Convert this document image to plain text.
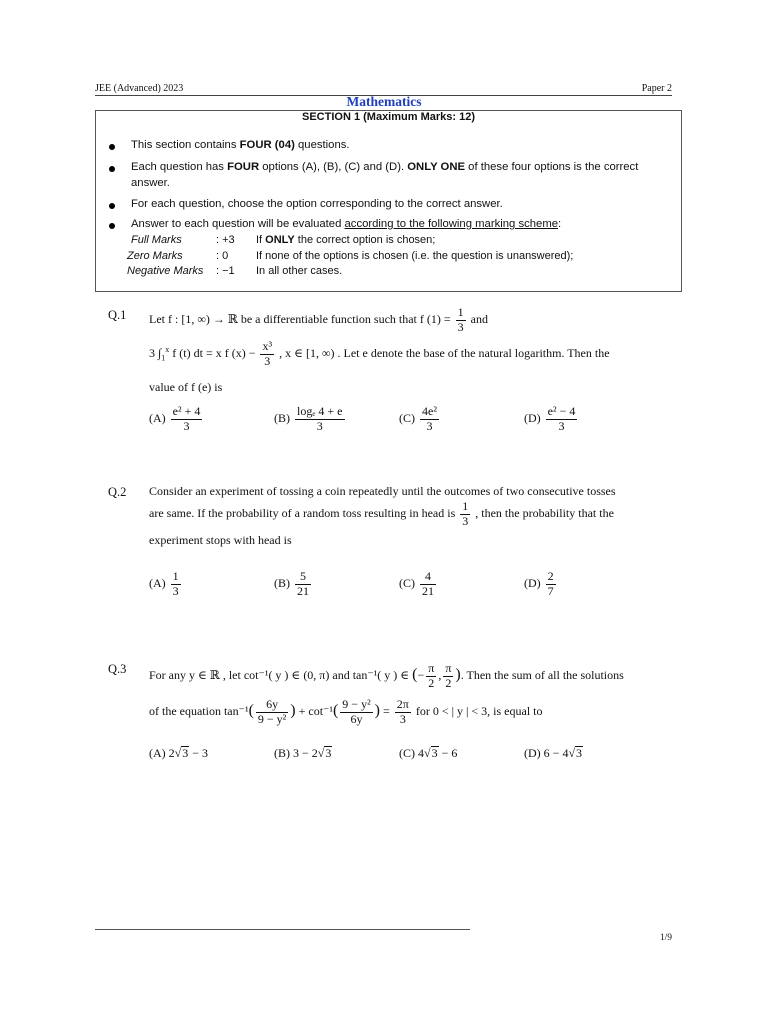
JEE (Advanced) 2023	Paper 2
Mathematics
SECTION 1 (Maximum Marks: 12)
This section contains FOUR (04) questions.
Each question has FOUR options (A), (B), (C) and (D). ONLY ONE of these four options is the correct answer.
For each question, choose the option corresponding to the correct answer.
Answer to each question will be evaluated according to the following marking scheme:
Full Marks	: +3 If ONLY the correct option is chosen;
Zero Marks	: 0	If none of the options is chosen (i.e. the question is unanswered);
Negative Marks : −1 In all other cases.
Q.1 Let f : [1, ∞) → ℝ be a differentiable function such that f $(1) = \frac{1}{3}$ and
3 $\int_1^x$ f (t) dt = x f $(x) - \frac{\text{x³}}{3}$ , x ∈ [1, ∞) . Let e denote the base of the natural logarithm. Then the
value of f (e) is
$(A) \frac{\text{e² + 4}}{3}$	$(B) \frac{\text{logₑ 4 + e}}{3}$	$(C) \frac{\text{4e²}}{3}$	$(D) \frac{\text{e² − 4}}{3}$
Q.2 Consider an experiment of tossing a coin repeatedly until the outcomes of two consecutive tosses
are same. If the probability of a random toss resulting in head is $\frac{1}{3}$ , then the probability that the
experiment stops with head is
$(A) \frac{1}{3}$	$(B) \frac{5}{21}$	$(C) \frac{4}{21}$	$(D) \frac{2}{7}$
Q.3 For any y ∈ ℝ , let cot⁻¹( y ) ∈ (0, π) and tan⁻¹( y ) ∈ (− $\frac{\pi}{2}$ , $\frac{\pi}{2}$ ). Then the sum of all the solutions
of the equation $\tan^{-1}( \frac{6y}{\text{9 − y²}}$ ) + $\cot^{-1}( \frac{\text{9 − y²}}{6y}$ ) = $\frac{2\pi}{3}$ for 0 < | y | < 3, is equal to
(A) 2√3 − 3	(B) 3 − 2√3	(C) 4√3 − 6	(D) 6 − 4√3
1/9
